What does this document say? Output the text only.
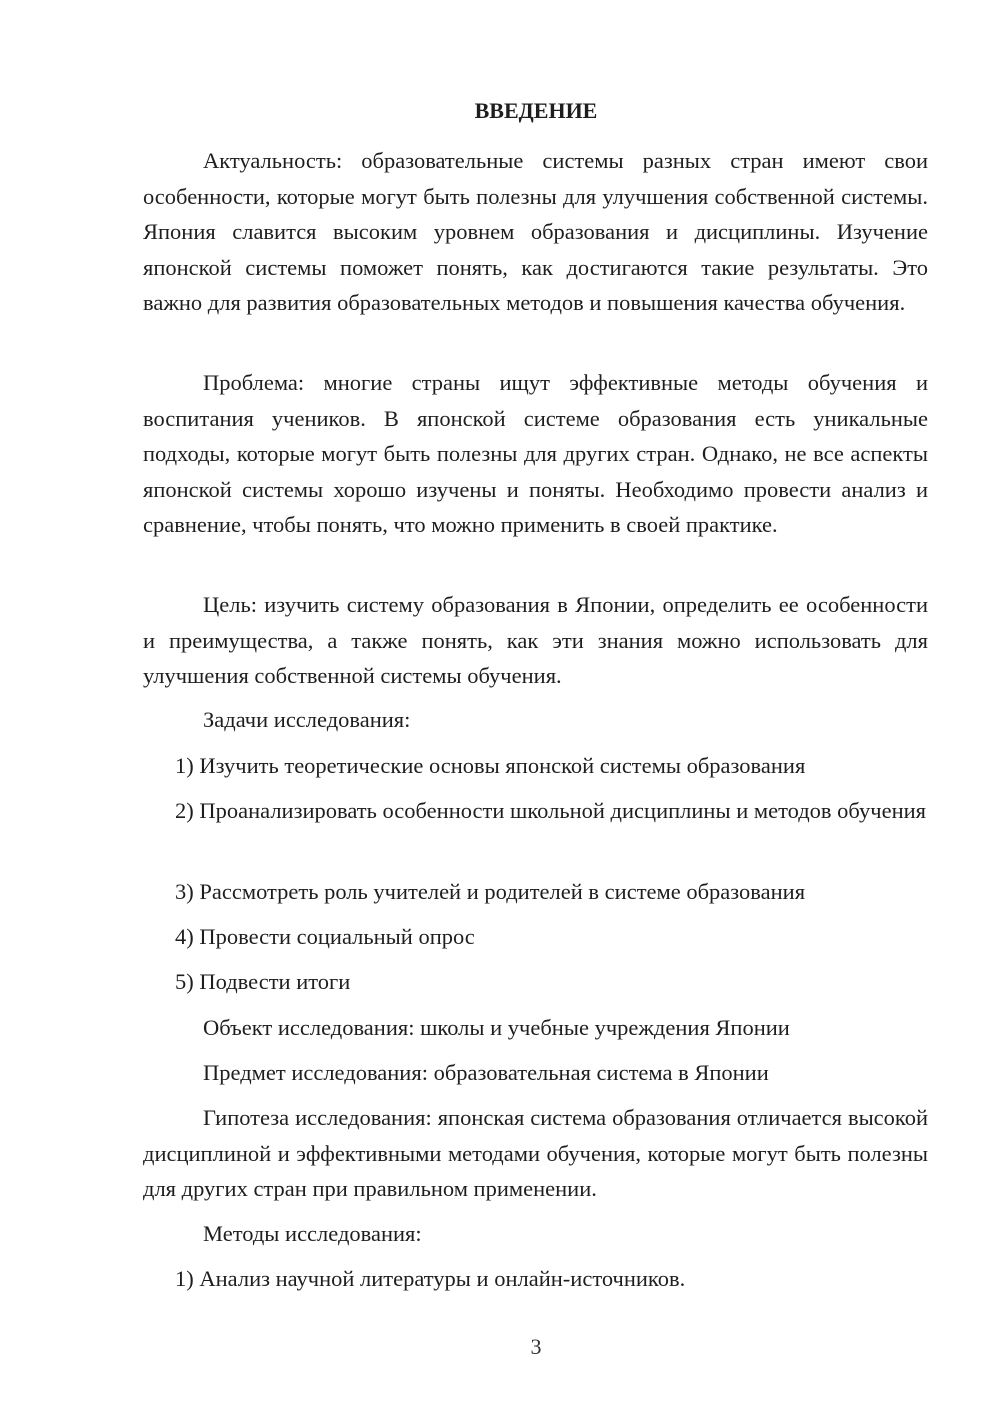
ВВЕДЕНИЕ

Актуальность: образовательные системы разных стран имеют свои особенности, которые могут быть полезны для улучшения собственной системы. Япония славится высоким уровнем образования и дисциплины. Изучение японской системы поможет понять, как достигаются такие результаты. Это важно для развития образовательных методов и повышения качества обучения.

Проблема: многие страны ищут эффективные методы обучения и воспитания учеников. В японской системе образования есть уникальные подходы, которые могут быть полезны для других стран. Однако, не все аспекты японской системы хорошо изучены и поняты. Необходимо провести анализ и сравнение, чтобы понять, что можно применить в своей практике.

Цель: изучить систему образования в Японии, определить ее особенности и преимущества, а также понять, как эти знания можно использовать для улучшения собственной системы обучения.

Задачи исследования:

1) Изучить теоретические основы японской системы образования

2) Проанализировать особенности школьной дисциплины и методов обучения

3) Рассмотреть роль учителей и родителей в системе образования

4) Провести социальный опрос

5) Подвести итоги

Объект исследования: школы и учебные учреждения Японии

Предмет исследования: образовательная система в Японии

Гипотеза исследования: японская система образования отличается высокой дисциплиной и эффективными методами обучения, которые могут быть полезны для других стран при правильном применении.

Методы исследования:

1) Анализ научной литературы и онлайн-источников.

3
